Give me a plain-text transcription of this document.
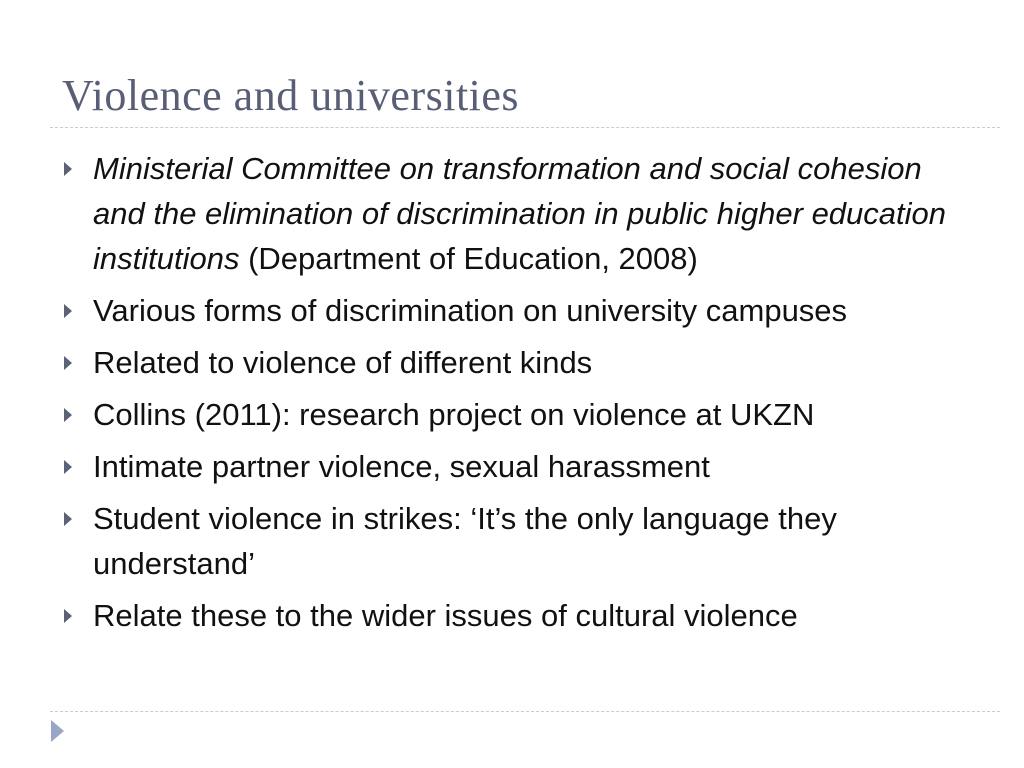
Violence and universities
Ministerial Committee on transformation and social cohesion and the elimination of discrimination in public higher education institutions (Department of Education, 2008)
Various forms of discrimination on university campuses
Related to violence of different kinds
Collins (2011): research project on violence at UKZN
Intimate partner violence, sexual harassment
Student violence in strikes: ‘It’s the only language they understand’
Relate these to the wider issues of cultural violence
